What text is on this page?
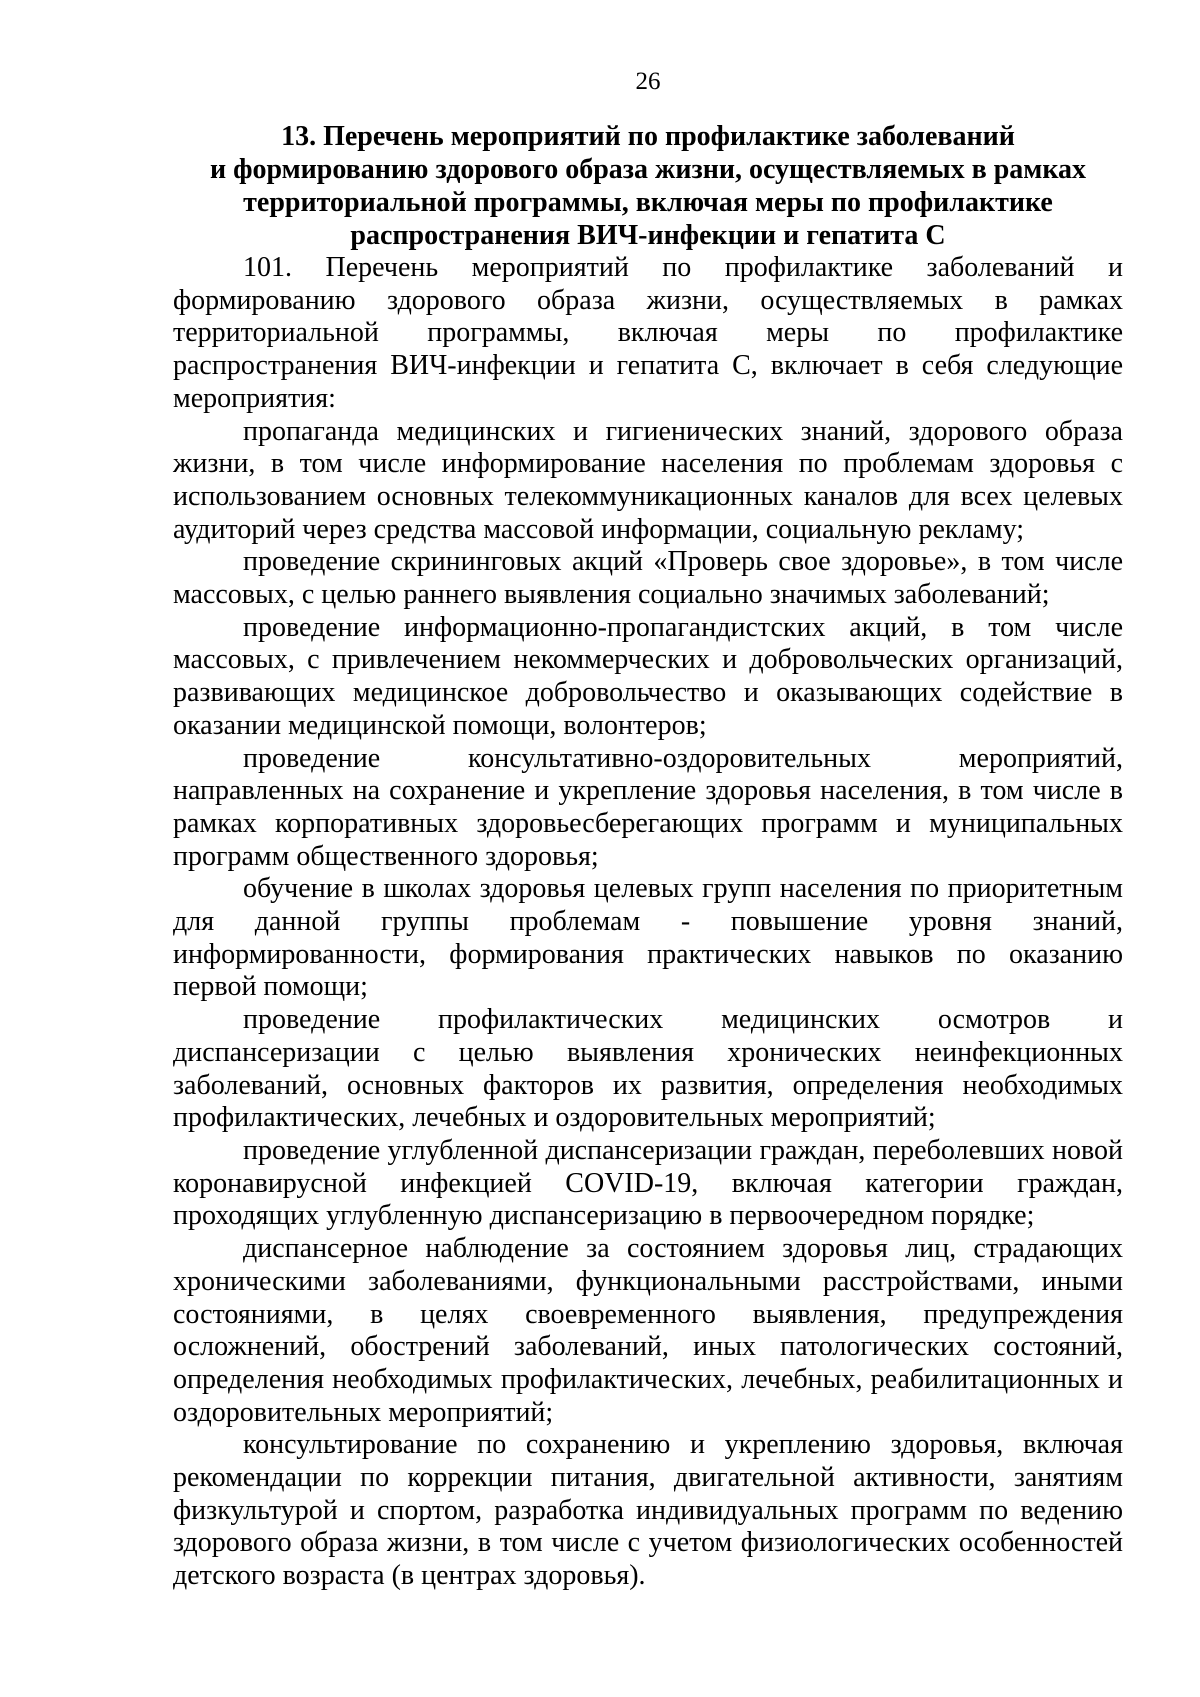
26
13. Перечень мероприятий по профилактике заболеваний
и формированию здорового образа жизни, осуществляемых в рамках
территориальной программы, включая меры по профилактике
распространения ВИЧ-инфекции и гепатита С

101. Перечень мероприятий по профилактике заболеваний и формированию здорового образа жизни, осуществляемых в рамках территориальной программы, включая меры по профилактике распространения ВИЧ-инфекции и гепатита С, включает в себя следующие мероприятия:

пропаганда медицинских и гигиенических знаний, здорового образа жизни, в том числе информирование населения по проблемам здоровья с использованием основных телекоммуникационных каналов для всех целевых аудиторий через средства массовой информации, социальную рекламу;

проведение скрининговых акций «Проверь свое здоровье», в том числе массовых, с целью раннего выявления социально значимых заболеваний;

проведение информационно-пропагандистских акций, в том числе массовых, с привлечением некоммерческих и добровольческих организаций, развивающих медицинское добровольчество и оказывающих содействие в оказании медицинской помощи, волонтеров;

проведение консультативно-оздоровительных мероприятий, направленных на сохранение и укрепление здоровья населения, в том числе в рамках корпоративных здоровьесберегающих программ и муниципальных программ общественного здоровья;

обучение в школах здоровья целевых групп населения по приоритетным для данной группы проблемам - повышение уровня знаний, информированности, формирования практических навыков по оказанию первой помощи;

проведение профилактических медицинских осмотров и диспансеризации с целью выявления хронических неинфекционных заболеваний, основных факторов их развития, определения необходимых профилактических, лечебных и оздоровительных мероприятий;

проведение углубленной диспансеризации граждан, переболевших новой коронавирусной инфекцией COVID-19, включая категории граждан, проходящих углубленную диспансеризацию в первоочередном порядке;

диспансерное наблюдение за состоянием здоровья лиц, страдающих хроническими заболеваниями, функциональными расстройствами, иными состояниями, в целях своевременного выявления, предупреждения осложнений, обострений заболеваний, иных патологических состояний, определения необходимых профилактических, лечебных, реабилитационных и оздоровительных мероприятий;

консультирование по сохранению и укреплению здоровья, включая рекомендации по коррекции питания, двигательной активности, занятиям физкультурой и спортом, разработка индивидуальных программ по ведению здорового образа жизни, в том числе с учетом физиологических особенностей детского возраста (в центрах здоровья).
